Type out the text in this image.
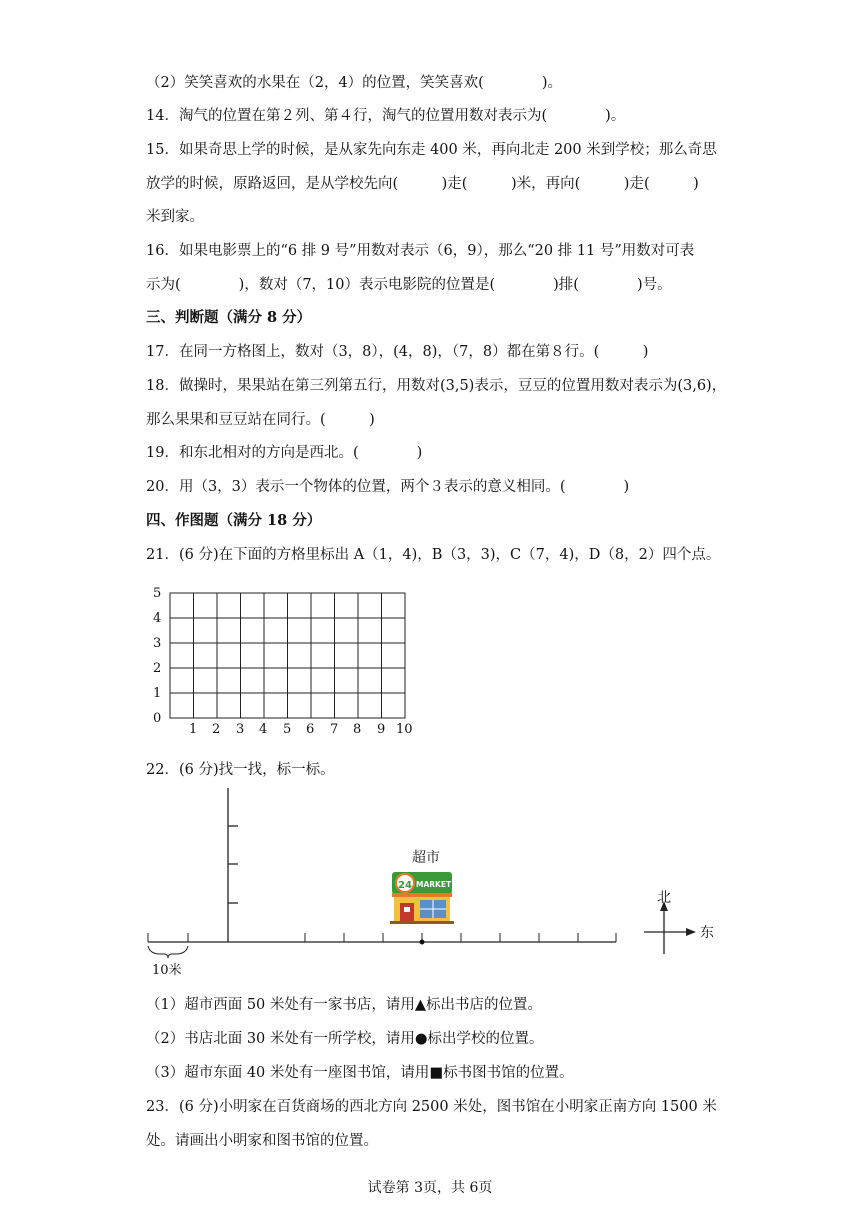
（2）笑笑喜欢的水果在（2，4）的位置，笑笑喜欢(　　　　)。
14．淘气的位置在第２列、第４行，淘气的位置用数对表示为(　　　　)。
15．如果奇思上学的时候，是从家先向东走 400 米，再向北走 200 米到学校；那么奇思
放学的时候，原路返回，是从学校先向(　　　)走(　　　)米，再向(　　　)走(　　　)
米到家。
16．如果电影票上的“6 排 9 号”用数对表示（6，9），那么“20 排 11 号”用数对可表
示为(　　　　)，数对（7，10）表示电影院的位置是(　　　　)排(　　　　)号。
三、判断题（满分 8 分）
17．在同一方格图上，数对（3，8），(4，8)，（7，8）都在第８行。(　　　)
18．做操时，果果站在第三列第五行，用数对(3,5)表示，豆豆的位置用数对表示为(3,6)，
那么果果和豆豆站在同行。(　　　)
19．和东北相对的方向是西北。(　　　　)
20．用（3，3）表示一个物体的位置，两个３表示的意义相同。(　　　　)
四、作图题（满分 18 分）
21．(6 分)在下面的方格里标出 A（1，4)，B（3，3)，C（7，4)，D（8，2）四个点。
5
4
3
2
1
0
1 2 3 4 5 6 7 8 9 10
22．(6 分)找一找，标一标。
10米
超市
24 MARKET
北
东
（1）超市西面 50 米处有一家书店，请用▲标出书店的位置。
（2）书店北面 30 米处有一所学校，请用●标出学校的位置。
（3）超市东面 40 米处有一座图书馆，请用■标书图书馆的位置。
23．(6 分)小明家在百货商场的西北方向 2500 米处，图书馆在小明家正南方向 1500 米
处。请画出小明家和图书馆的位置。
试卷第 3页，共 6页
